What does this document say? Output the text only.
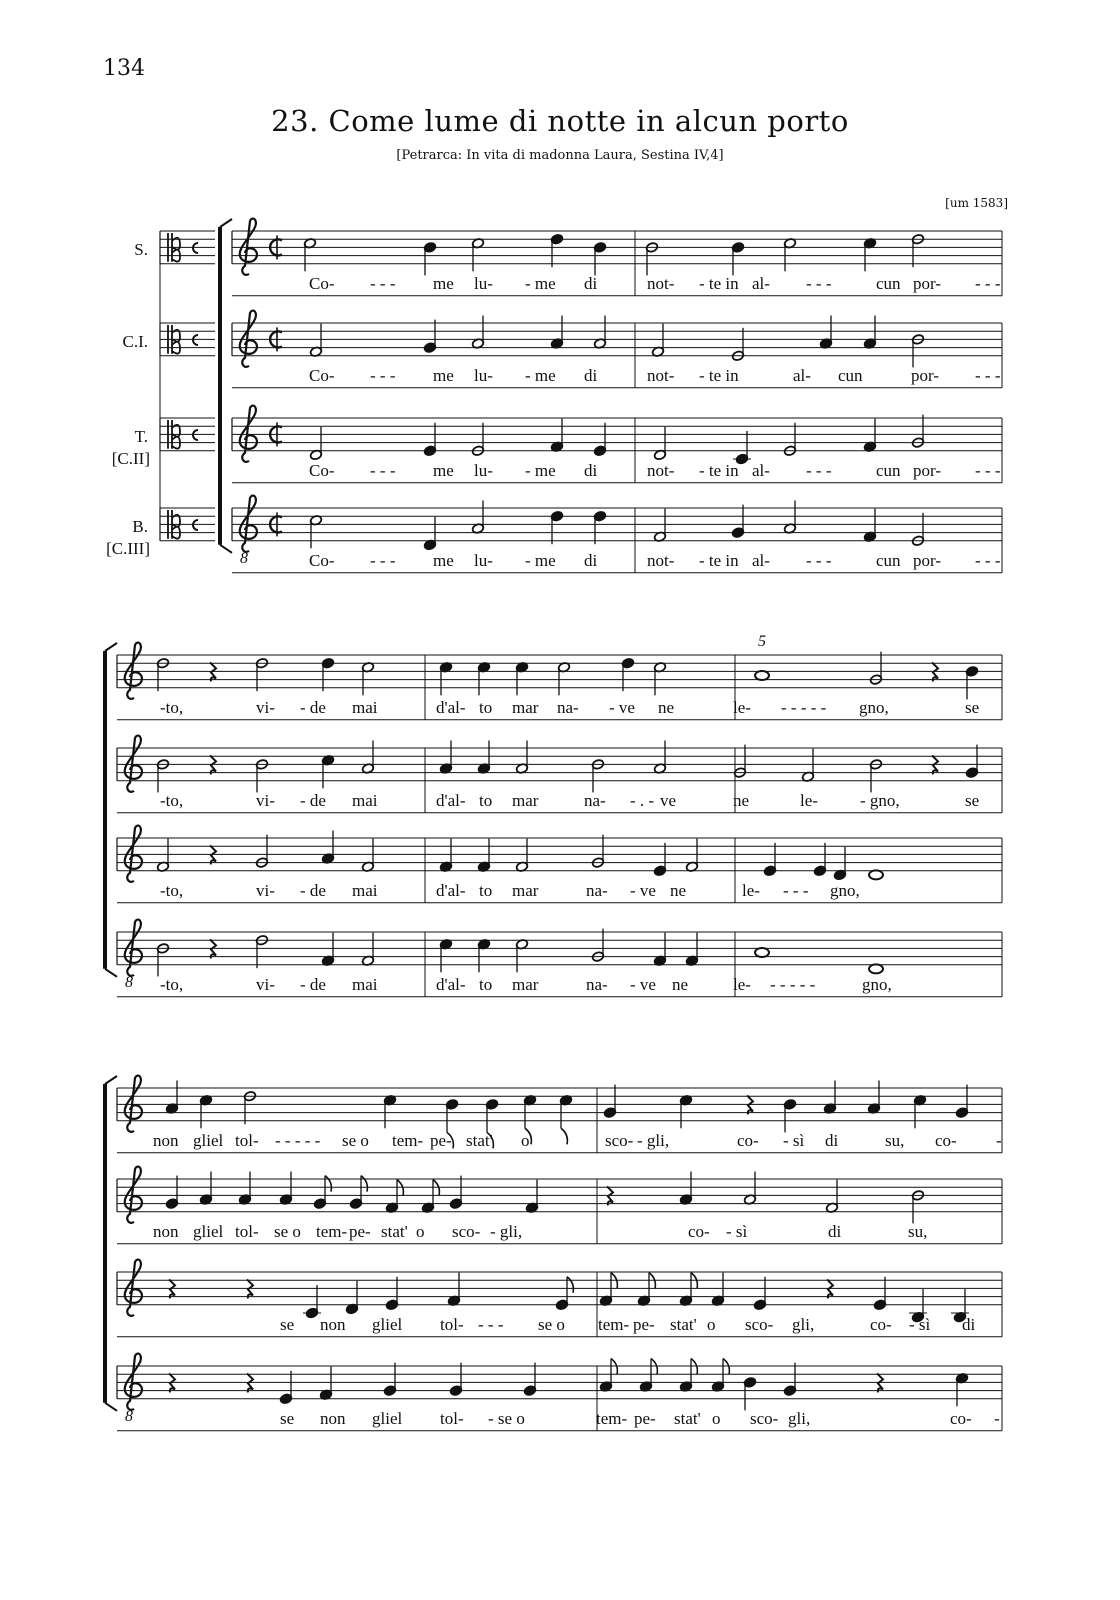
134
23. Come lume di notte in alcun porto
[Petrarca: In vita di madonna Laura, Sestina IV,4]
[um 1583]
Co- - - - me lu- - me di	not- - te in al- - - -	cun por- - - -
Co- - - - me lu- - me di	not- - te in	al- cun	por- - - -
Co- - - - me lu- - me di	not- - te in al- - - -	cun por- - - -
8	Co- - - - me lu- - me di	not- - te in al- - - -	cun por- - - -
-to,	vi- - de mai	d'al- to mar na- - ve ne	le- - - - - - gno,	se
-to,	vi- - de mai	d'al- to mar	na- - . - ve	ne	le- - gno,	se
-to,	vi- - de mai	d'al- to mar	na- - ve ne	le- - - - gno,
8 -to,	vi- - de mai	d'al- to mar	na- - ve ne	le- - - - - -	gno,
non gliel tol- - - - - - se o tem- pe- stat' o	sco- - gli,	co- - sì di	su, co- -
non gliel tol- se o tem- pe- stat' o sco- - gli,	co- - sì	di	su,
se non gliel tol- - - - se o tem- pe- stat' o sco- gli,	co- - sì di
8	se non gliel tol- - se o	tem- pe- stat' o sco- gli,	co- -
S.
C.I.
T.
[C.II]
B.
[C.III]
5
